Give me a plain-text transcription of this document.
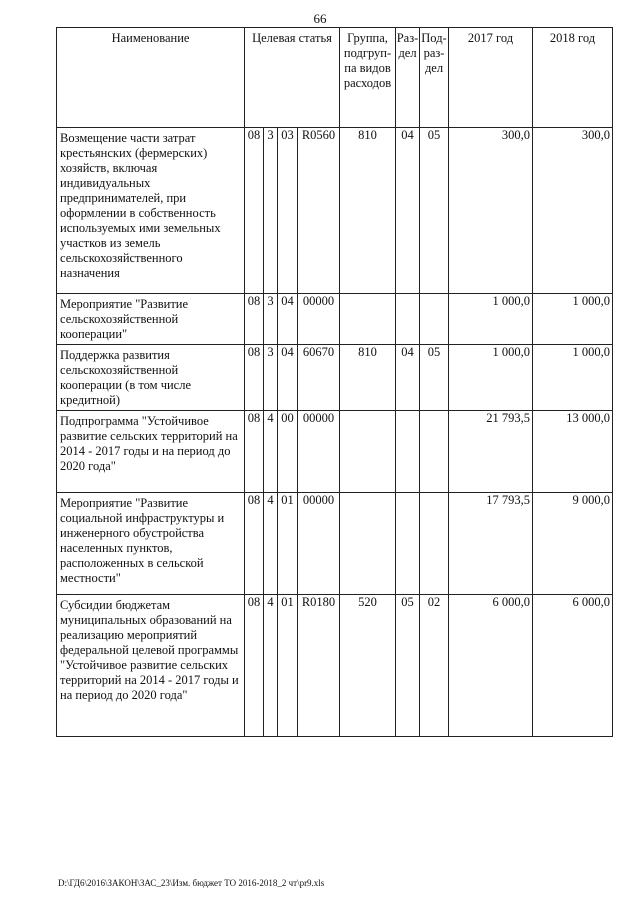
66
Наименование	Целевая статья				Группа, подгруп-па видов расходов	Раз-дел	Под-раз-дел	2017 год	2018 год
Возмещение части затрат крестьянских (фермерских) хозяйств, включая индивидуальных предпринимателей, при оформлении в собственность используемых ими земельных участков из земель сельскохозяйственного назначения	08	3	03	R0560	810	04	05	300,0	300,0
Мероприятие "Развитие сельскохозяйственной кооперации"	08	3	04	00000				1 000,0	1 000,0
Поддержка развития сельскохозяйственной кооперации (в том числе кредитной)	08	3	04	60670	810	04	05	1 000,0	1 000,0
Подпрограмма "Устойчивое развитие сельских территорий на 2014 - 2017 годы и на период до 2020 года"	08	4	00	00000				21 793,5	13 000,0
Мероприятие "Развитие социальной инфраструктуры и инженерного обустройства населенных пунктов, расположенных в сельской местности"	08	4	01	00000				17 793,5	9 000,0
Субсидии бюджетам муниципальных образований на реализацию мероприятий федеральной целевой программы "Устойчивое развитие сельских территорий на 2014 - 2017 годы и на период до 2020 года"	08	4	01	R0180	520	05	02	6 000,0	6 000,0
D:\ГД6\2016\ЗАКОН\ЗАС_23\Изм. бюджет ТО 2016-2018_2 чт\pr9.xls
